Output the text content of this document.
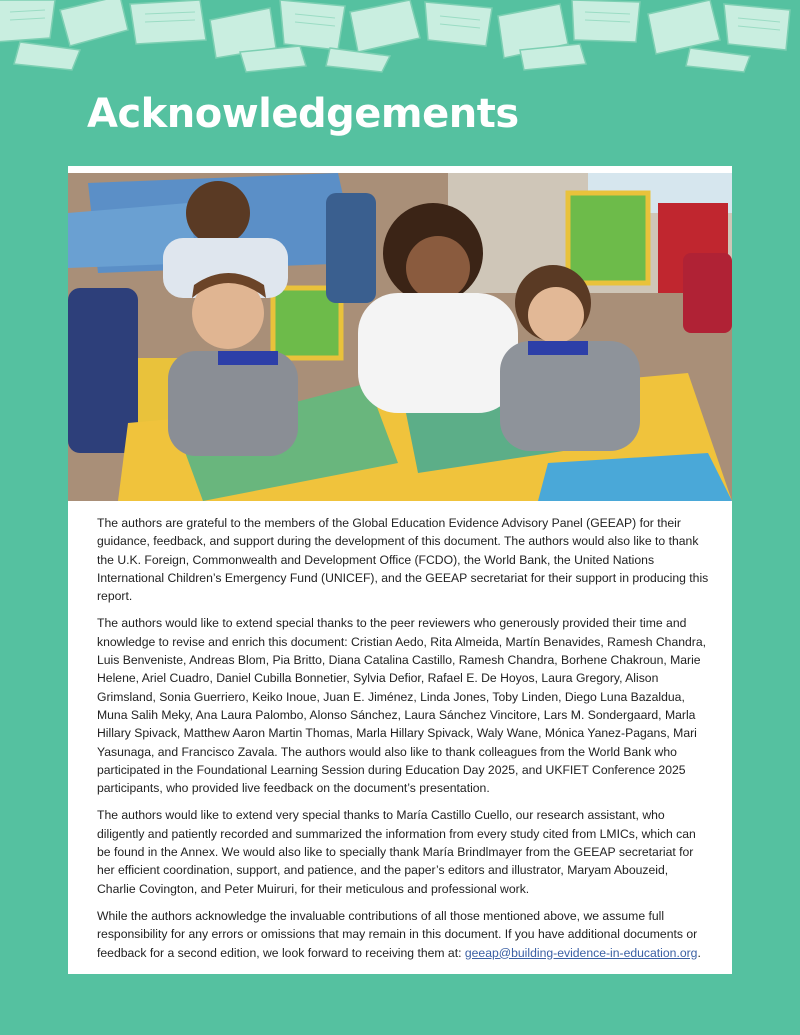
Acknowledgements

The authors are grateful to the members of the Global Education Evidence Advisory Panel (GEEAP) for their guidance, feedback, and support during the development of this document. The authors would also like to thank the U.K. Foreign, Commonwealth and Development Office (FCDO), the World Bank, the United Nations International Children’s Emergency Fund (UNICEF), and the GEEAP secretariat for their support in producing this report.

The authors would like to extend special thanks to the peer reviewers who generously provided their time and knowledge to revise and enrich this document: Cristian Aedo, Rita Almeida, Martín Benavides, Ramesh Chandra, Luis Benveniste, Andreas Blom, Pia Britto, Diana Catalina Castillo, Ramesh Chandra, Borhene Chakroun, Marie Helene, Ariel Cuadro, Daniel Cubilla Bonnetier, Sylvia Defior, Rafael E. De Hoyos, Laura Gregory, Alison Grimsland, Sonia Guerriero, Keiko Inoue, Juan E. Jiménez, Linda Jones, Toby Linden, Diego Luna Bazaldua, Muna Salih Meky, Ana Laura Palombo, Alonso Sánchez, Laura Sánchez Vincitore, Lars M. Sondergaard, Marla Hillary Spivack, Matthew Aaron Martin Thomas, Marla Hillary Spivack, Waly Wane, Mónica Yanez-Pagans, Mari Yasunaga, and Francisco Zavala. The authors would also like to thank colleagues from the World Bank who participated in the Foundational Learning Session during Education Day 2025, and UKFIET Conference 2025 participants, who provided live feedback on the document’s presentation.

The authors would like to extend very special thanks to María Castillo Cuello, our research assistant, who diligently and patiently recorded and summarized the information from every study cited from LMICs, which can be found in the Annex. We would also like to specially thank María Brindlmayer from the GEEAP secretariat for her efficient coordination, support, and patience, and the paper’s editors and illustrator, Maryam Abouzeid, Charlie Covington, and Peter Muiruri, for their meticulous and professional work.

While the authors acknowledge the invaluable contributions of all those mentioned above, we assume full responsibility for any errors or omissions that may remain in this document. If you have additional documents or feedback for a second edition, we look forward to receiving them at: geeap@building-evidence-in-education.org.
